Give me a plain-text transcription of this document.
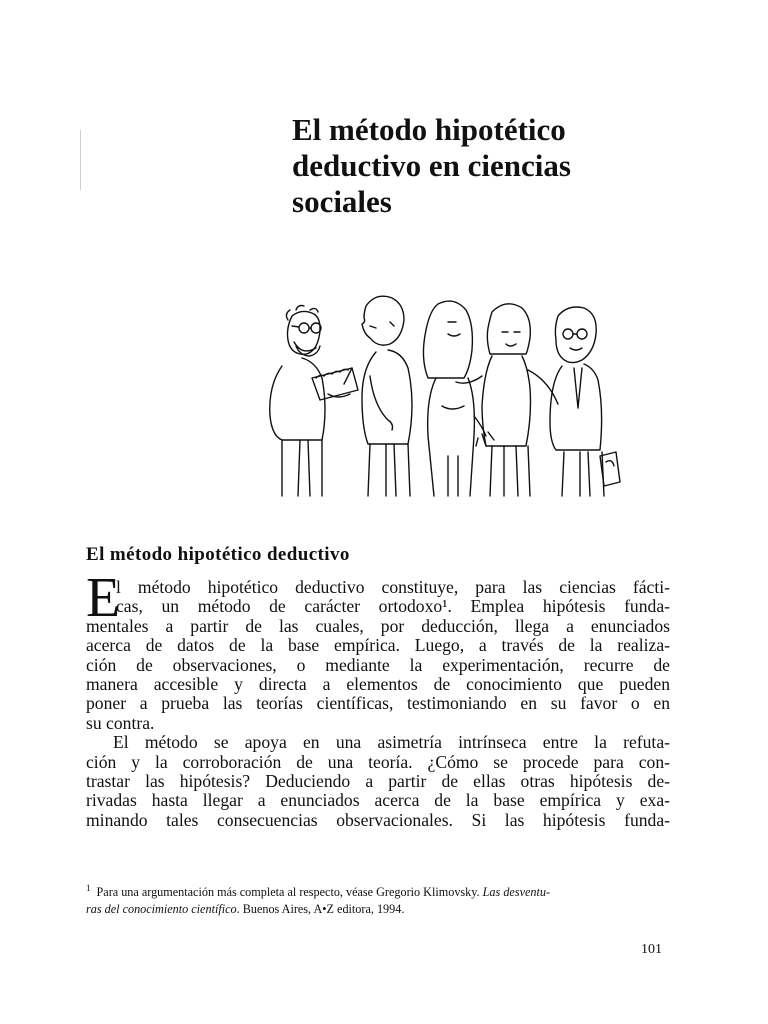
El método hipotético
deductivo en ciencias
sociales
El método hipotético deductivo
E

l método hipotético deductivo constituye, para las ciencias fácti-
cas, un método de carácter ortodoxo¹. Emplea hipótesis funda-
mentales a partir de las cuales, por deducción, llega a enunciados
acerca de datos de la base empírica. Luego, a través de la realiza-
ción de observaciones, o mediante la experimentación, recurre de
manera accesible y directa a elementos de conocimiento que pueden
poner a prueba las teorías científicas, testimoniando en su favor o en
su contra.
El método se apoya en una asimetría intrínseca entre la refuta-
ción y la corroboración de una teoría. ¿Cómo se procede para con-
trastar las hipótesis? Deduciendo a partir de ellas otras hipótesis de-
rivadas hasta llegar a enunciados acerca de la base empírica y exa-
minando tales consecuencias observacionales. Si las hipótesis funda-

$^1$ Para una argumentación más completa al respecto, véase Gregorio Klimovsky. Las desventu-
ras del conocimiento científico. Buenos Aires, A•Z editora, 1994.

101
